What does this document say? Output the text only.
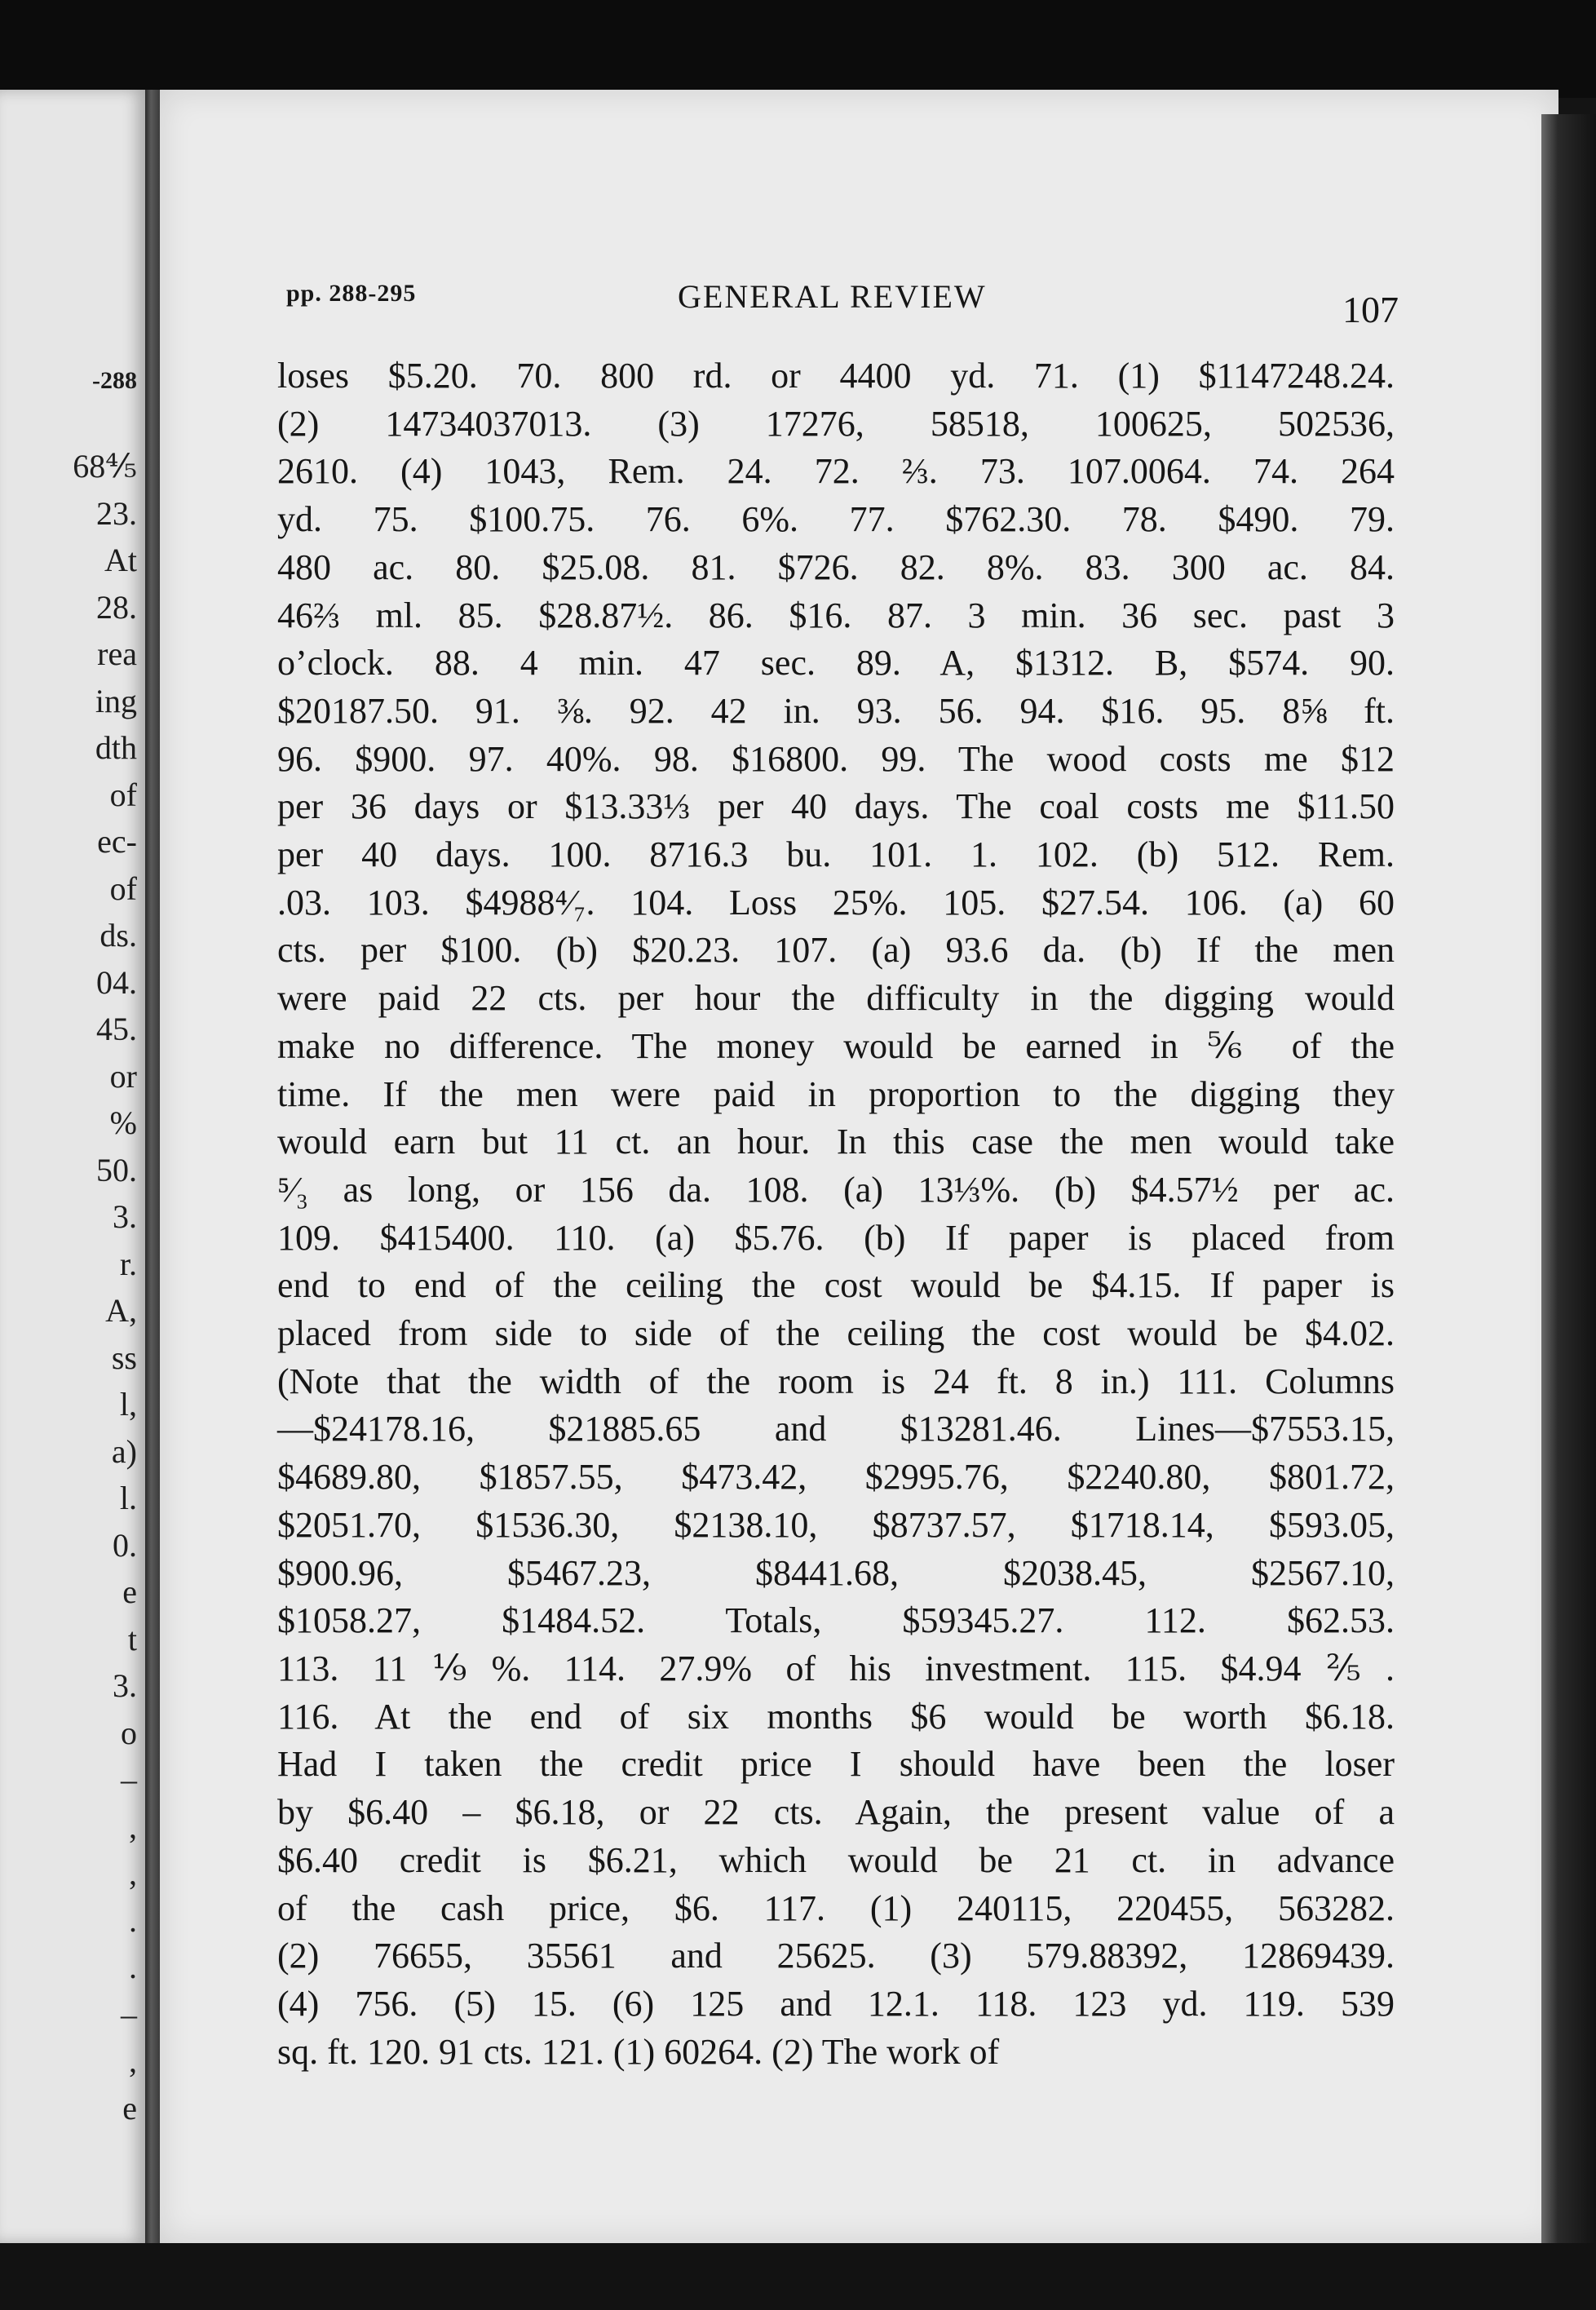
-288
68⅘
23.
At
28.
rea
ing
dth
of
ec-
of
ds.
04.
45.
or
%
50.
3.
r.
A,
ss
l,
a)
l.
0.
e
t
3.
o
–
,
,
.
.
–
,
e
pp. 288-295	GENERAL REVIEW	107
loses $5.20. 70. 800 rd. or 4400 yd. 71. (1) $1147248.24.
(2) 14734037013. (3) 17276, 58518, 100625, 502536,
2610. (4) 1043, Rem. 24. 72. ⅔. 73. 107.0064. 74. 264
yd. 75. $100.75. 76. 6%. 77. $762.30. 78. $490. 79.
480 ac. 80. $25.08. 81. $726. 82. 8%. 83. 300 ac. 84.
46⅔ ml. 85. $28.87½. 86. $16. 87. 3 min. 36 sec. past 3
o’clock. 88. 4 min. 47 sec. 89. A, $1312. B, $574. 90.
$20187.50. 91. ⅜. 92. 42 in. 93. 56. 94. $16. 95. 8⅝ ft.
96. $900. 97. 40%. 98. $16800. 99. The wood costs me $12
per 36 days or $13.33⅓ per 40 days. The coal costs me $11.50
per 40 days. 100. 8716.3 bu. 101. 1. 102. (b) 512. Rem.
.03. 103. $4988⁴⁄₇. 104. Loss 25%. 105. $27.54. 106. (a) 60
cts. per $100. (b) $20.23. 107. (a) 93.6 da. (b) If the men
were paid 22 cts. per hour the difficulty in the digging would
make no difference. The money would be earned in ⅚ of the
time. If the men were paid in proportion to the digging they
would earn but 11 ct. an hour. In this case the men would take
⁵⁄₃ as long, or 156 da. 108. (a) 13⅓%. (b) $4.57½ per ac.
109. $415400. 110. (a) $5.76. (b) If paper is placed from
end to end of the ceiling the cost would be $4.15. If paper is
placed from side to side of the ceiling the cost would be $4.02.
(Note that the width of the room is 24 ft. 8 in.) 111. Columns
—$24178.16, $21885.65 and $13281.46. Lines—$7553.15,
$4689.80, $1857.55, $473.42, $2995.76, $2240.80, $801.72,
$2051.70, $1536.30, $2138.10, $8737.57, $1718.14, $593.05,
$900.96, $5467.23, $8441.68, $2038.45, $2567.10,
$1058.27, $1484.52. Totals, $59345.27. 112. $62.53.
113. 11⅑%. 114. 27.9% of his investment. 115. $4.94⅖.
116. At the end of six months $6 would be worth $6.18.
Had I taken the credit price I should have been the loser
by $6.40 – $6.18, or 22 cts. Again, the present value of a
$6.40 credit is $6.21, which would be 21 ct. in advance
of the cash price, $6. 117. (1) 240115, 220455, 563282.
(2) 76655, 35561 and 25625. (3) 579.88392, 12869439.
(4) 756. (5) 15. (6) 125 and 12.1. 118. 123 yd. 119. 539
sq. ft. 120. 91 cts. 121. (1) 60264. (2) The work of
